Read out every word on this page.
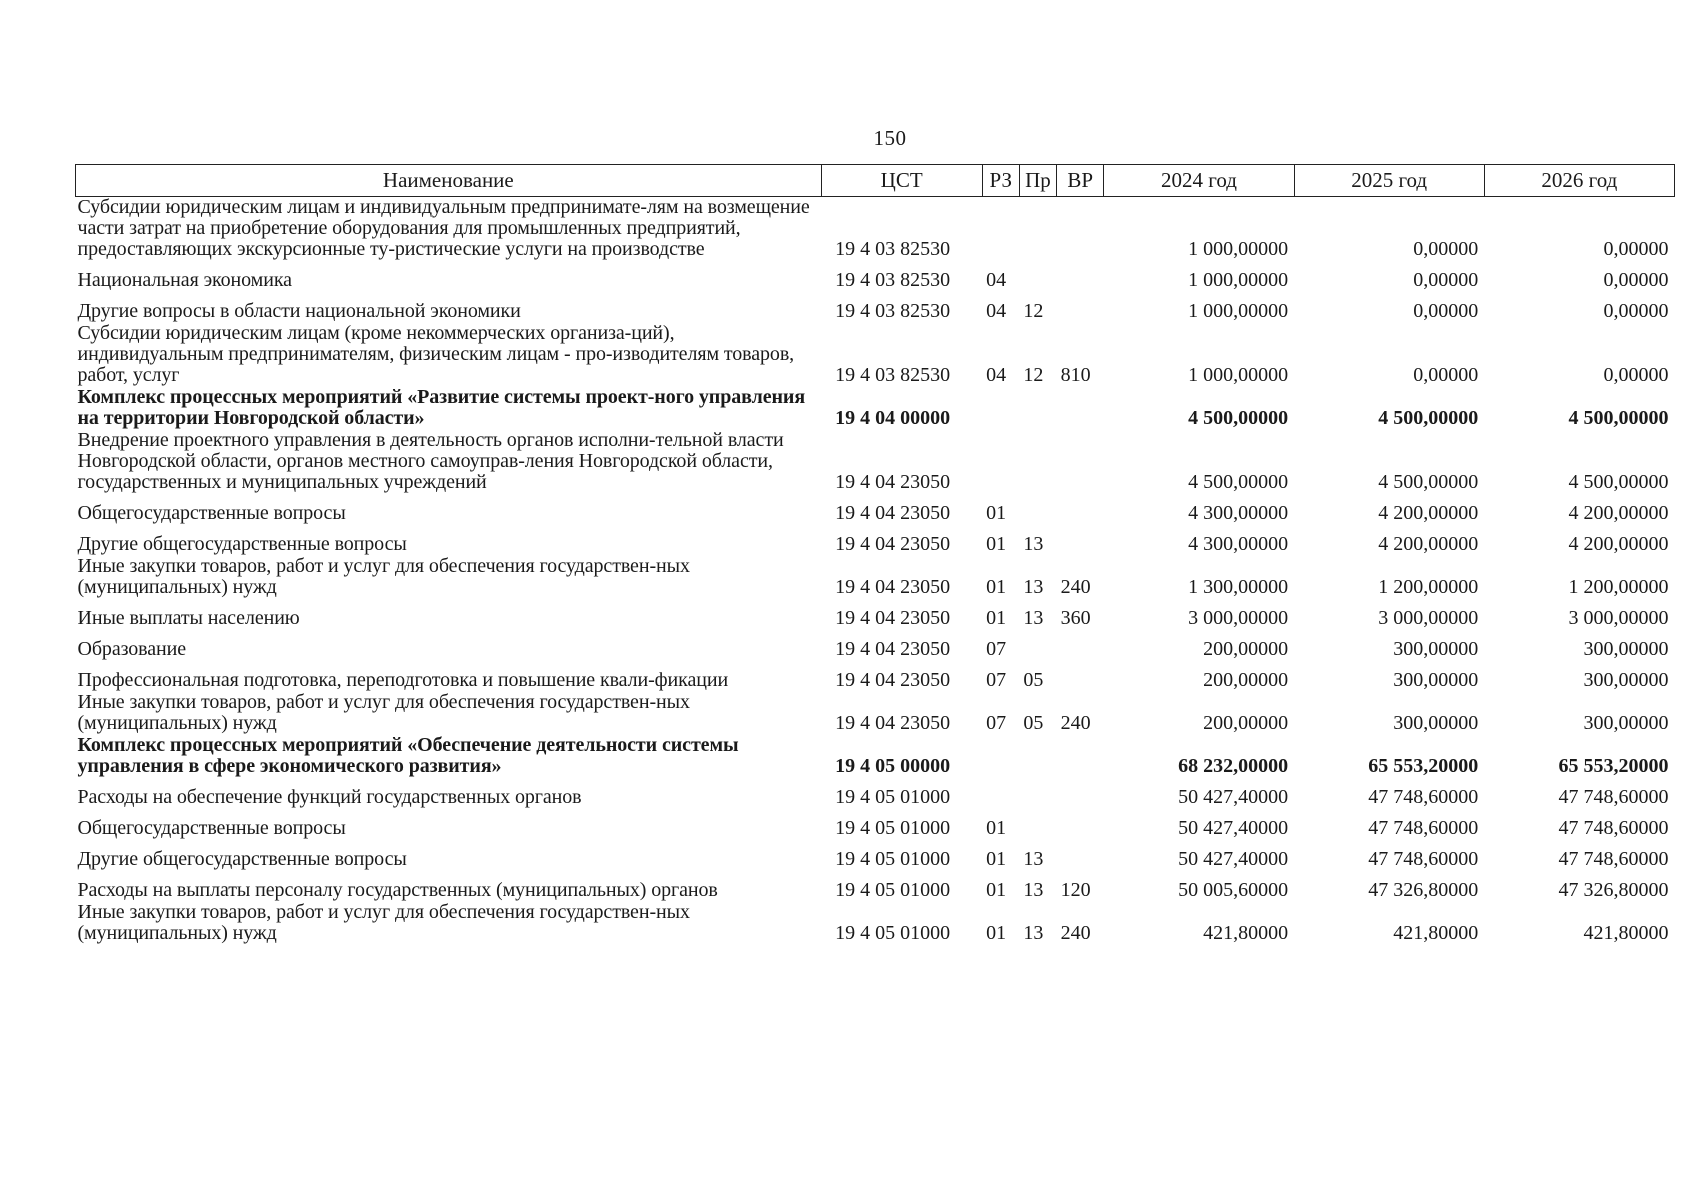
150
Наименование	ЦСТ	РЗ	Пр	ВР	2024 год	2025 год	2026 год
Субсидии юридическим лицам и индивидуальным предпринимате-лям на возмещение части затрат на приобретение оборудования для промышленных предприятий, предоставляющих экскурсионные ту-ристические услуги на производстве	19 4 03 82530				1 000,00000	0,00000	0,00000
Национальная экономика	19 4 03 82530	04			1 000,00000	0,00000	0,00000
Другие вопросы в области национальной экономики	19 4 03 82530	04	12		1 000,00000	0,00000	0,00000
Субсидии юридическим лицам (кроме некоммерческих организа-ций), индивидуальным предпринимателям, физическим лицам - про-изводителям товаров, работ, услуг	19 4 03 82530	04	12	810	1 000,00000	0,00000	0,00000
Комплекс процессных мероприятий «Развитие системы проект-ного управления на территории Новгородской области»	19 4 04 00000				4 500,00000	4 500,00000	4 500,00000
Внедрение проектного управления в деятельность органов исполни-тельной власти Новгородской области, органов местного самоуправ-ления Новгородской области, государственных и муниципальных учреждений	19 4 04 23050				4 500,00000	4 500,00000	4 500,00000
Общегосударственные вопросы	19 4 04 23050	01			4 300,00000	4 200,00000	4 200,00000
Другие общегосударственные вопросы	19 4 04 23050	01	13		4 300,00000	4 200,00000	4 200,00000
Иные закупки товаров, работ и услуг для обеспечения государствен-ных (муниципальных) нужд	19 4 04 23050	01	13	240	1 300,00000	1 200,00000	1 200,00000
Иные выплаты населению	19 4 04 23050	01	13	360	3 000,00000	3 000,00000	3 000,00000
Образование	19 4 04 23050	07			200,00000	300,00000	300,00000
Профессиональная подготовка, переподготовка и повышение квали-фикации	19 4 04 23050	07	05		200,00000	300,00000	300,00000
Иные закупки товаров, работ и услуг для обеспечения государствен-ных (муниципальных) нужд	19 4 04 23050	07	05	240	200,00000	300,00000	300,00000
Комплекс процессных мероприятий «Обеспечение деятельности системы управления в сфере экономического развития»	19 4 05 00000				68 232,00000	65 553,20000	65 553,20000
Расходы на обеспечение функций государственных органов	19 4 05 01000				50 427,40000	47 748,60000	47 748,60000
Общегосударственные вопросы	19 4 05 01000	01			50 427,40000	47 748,60000	47 748,60000
Другие общегосударственные вопросы	19 4 05 01000	01	13		50 427,40000	47 748,60000	47 748,60000
Расходы на выплаты персоналу государственных (муниципальных) органов	19 4 05 01000	01	13	120	50 005,60000	47 326,80000	47 326,80000
Иные закупки товаров, работ и услуг для обеспечения государствен-ных (муниципальных) нужд	19 4 05 01000	01	13	240	421,80000	421,80000	421,80000
